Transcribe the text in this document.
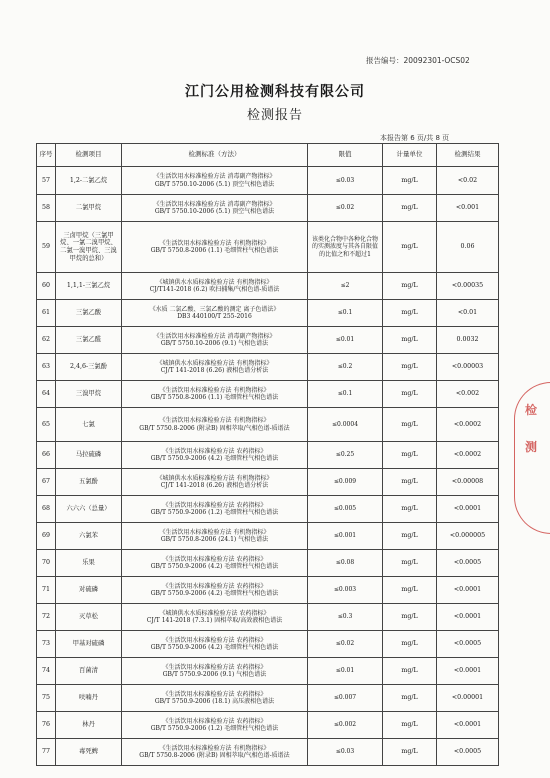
报告编号：20092301-OCS02
江门公用检测科技有限公司
检测报告
本报告第 6 页/共 8 页
序号	检测项目	检测标准（方法）	限值	计量单位	检测结果
57	1,2-二氯乙烷	《生活饮用水标准检验方法 消毒副产物指标》
GB/T 5750.10-2006 (5.1) 顶空气相色谱法	≤0.03	mg/L	<0.02
58	二氯甲烷	《生活饮用水标准检验方法 消毒副产物指标》
GB/T 5750.10-2006 (5.1) 顶空气相色谱法	≤0.02	mg/L	<0.001
59	三卤甲烷（三氯甲烷、一氯二溴甲烷、二氯一溴甲烷、三溴甲烷的总和）	《生活饮用水标准检验方法 有机物指标》
GB/T 5750.8-2006 (1.1) 毛细管柱气相色谱法	该类化合物中各种化合物的实测浓度与其各自限值的比值之和不超过1	mg/L	0.06
60	1,1,1-三氯乙烷	《城镇供水水质标准检验方法 有机物指标》
CJ/T141-2018 (6.2) 吹扫捕集/气相色谱-质谱法	≤2	mg/L	<0.00035
61	三氯乙酸	《水质 二氯乙酸、三氯乙酸的测定 离子色谱法》
DB3 440100/T 255-2016	≤0.1	mg/L	<0.01
62	三氯乙醛	《生活饮用水标准检验方法 消毒副产物指标》
GB/T 5750.10-2006 (9.1) 气相色谱法	≤0.01	mg/L	0.0032
63	2,4,6-三氯酚	《城镇供水水质标准检验方法 有机物指标》
CJ/T 141-2018 (6.26) 液相色谱分析法	≤0.2	mg/L	<0.00003
64	三溴甲烷	《生活饮用水标准检验方法 有机物指标》
GB/T 5750.8-2006 (1.1) 毛细管柱气相色谱法	≤0.1	mg/L	<0.002
65	七氯	《生活饮用水标准检验方法 有机物指标》
GB/T 5750.8-2006 (附录B) 固相萃取/气相色谱-质谱法	≤0.0004	mg/L	<0.0002
66	马拉硫磷	《生活饮用水标准检验方法 农药指标》
GB/T 5750.9-2006 (4.2) 毛细管柱气相色谱法	≤0.25	mg/L	<0.0002
67	五氯酚	《城镇供水水质标准检验方法 有机物指标》
CJ/T 141-2018 (6.26) 液相色谱分析法	≤0.009	mg/L	<0.00008
68	六六六（总量）	《生活饮用水标准检验方法 农药指标》
GB/T 5750.9-2006 (1.2) 毛细管柱气相色谱法	≤0.005	mg/L	<0.0001
69	六氯苯	《生活饮用水标准检验方法 有机物指标》
GB/T 5750.8-2006 (24.1) 气相色谱法	≤0.001	mg/L	<0.000005
70	乐果	《生活饮用水标准检验方法 农药指标》
GB/T 5750.9-2006 (4.2) 毛细管柱气相色谱法	≤0.08	mg/L	<0.0005
71	对硫磷	《生活饮用水标准检验方法 农药指标》
GB/T 5750.9-2006 (4.2) 毛细管柱气相色谱法	≤0.003	mg/L	<0.0001
72	灭草松	《城镇供水水质标准检验方法 农药指标》
CJ/T 141-2018 (7.3.1) 固相萃取/高效液相色谱法	≤0.3	mg/L	<0.0001
73	甲基对硫磷	《生活饮用水标准检验方法 农药指标》
GB/T 5750.9-2006 (4.2) 毛细管柱气相色谱法	≤0.02	mg/L	<0.0005
74	百菌清	《生活饮用水标准检验方法 农药指标》
GB/T 5750.9-2006 (9.1) 气相色谱法	≤0.01	mg/L	<0.0001
75	呋喃丹	《生活饮用水标准检验方法 农药指标》
GB/T 5750.9-2006 (18.1) 高压液相色谱法	≤0.007	mg/L	<0.00001
76	林丹	《生活饮用水标准检验方法 农药指标》
GB/T 5750.9-2006 (1.2) 毛细管柱气相色谱法	≤0.002	mg/L	<0.0001
77	毒死蜱	《生活饮用水标准检验方法 有机物指标》
GB/T 5750.8-2006 (附录B) 固相萃取/气相色谱-质谱法	≤0.03	mg/L	<0.0005
检
测
